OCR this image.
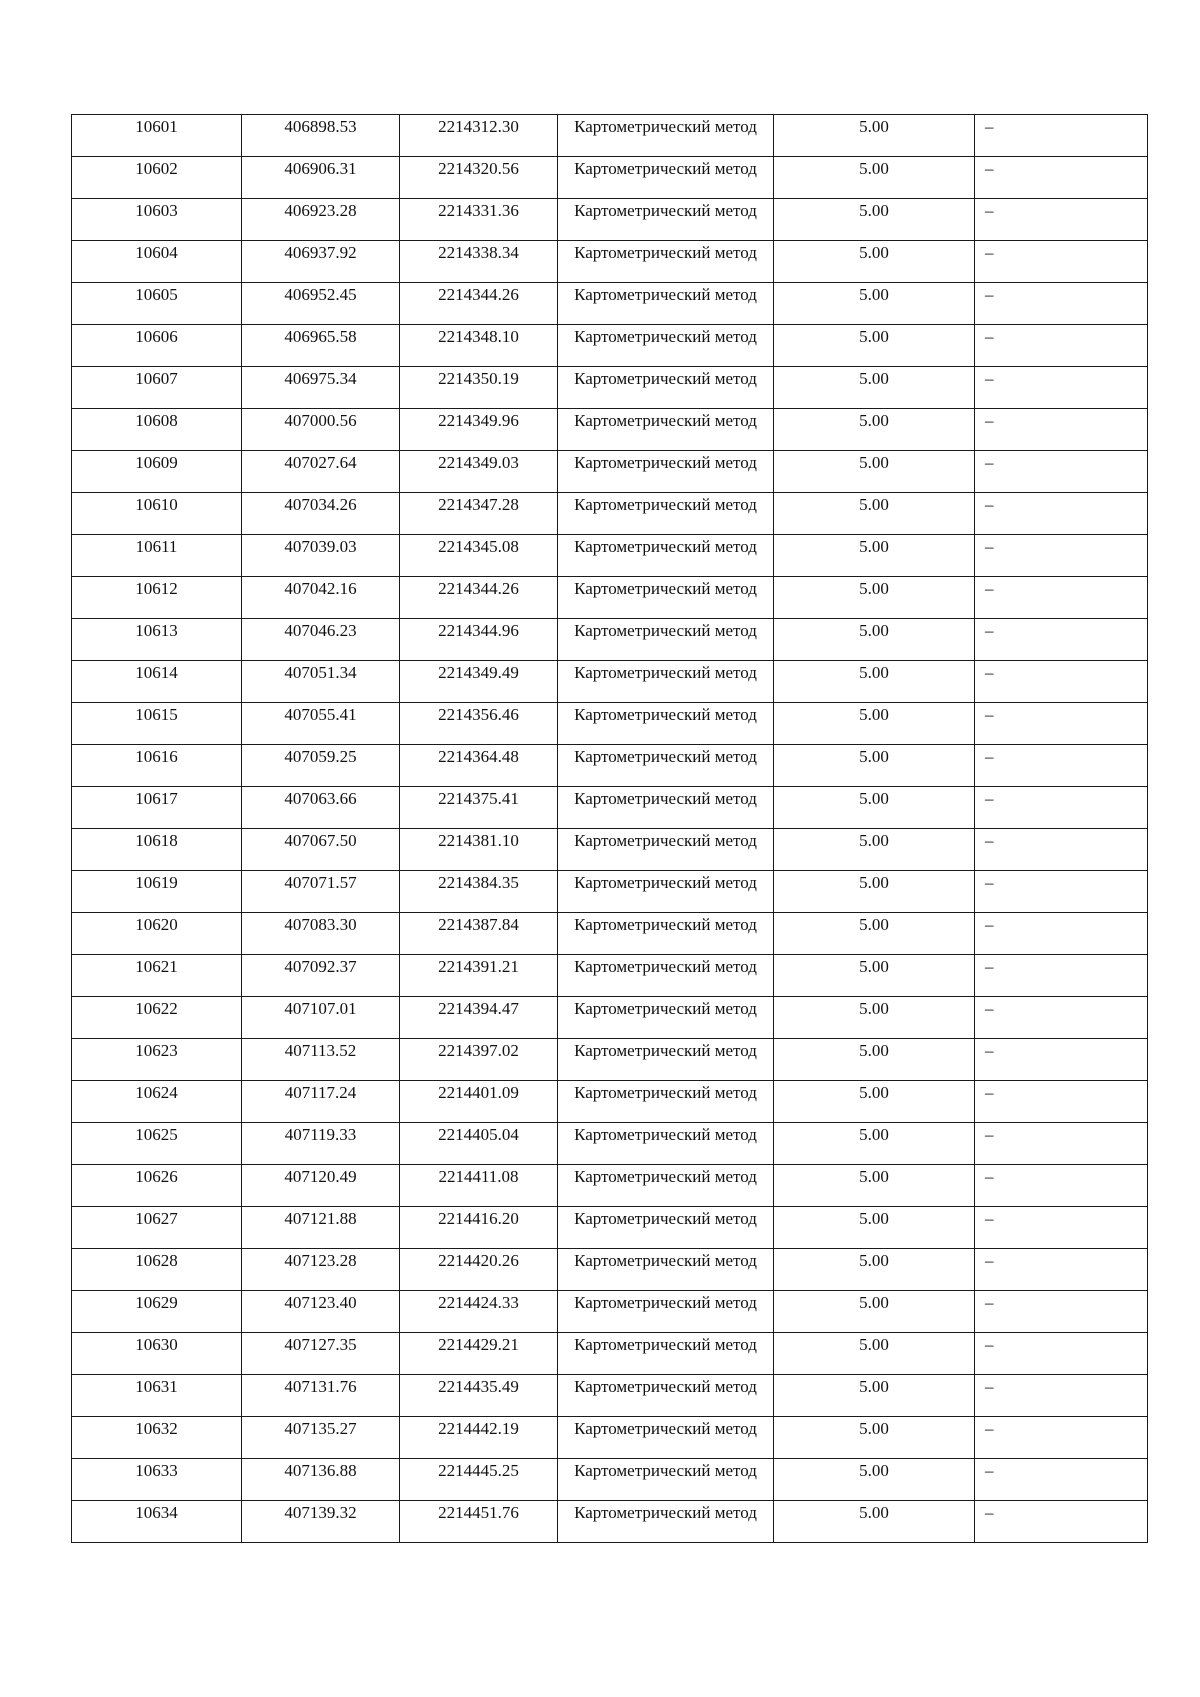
10601	406898.53	2214312.30	Картометрический метод	5.00	–

10602	406906.31	2214320.56	Картометрический метод	5.00	–

10603	406923.28	2214331.36	Картометрический метод	5.00	–

10604	406937.92	2214338.34	Картометрический метод	5.00	–

10605	406952.45	2214344.26	Картометрический метод	5.00	–

10606	406965.58	2214348.10	Картометрический метод	5.00	–

10607	406975.34	2214350.19	Картометрический метод	5.00	–

10608	407000.56	2214349.96	Картометрический метод	5.00	–

10609	407027.64	2214349.03	Картометрический метод	5.00	–

10610	407034.26	2214347.28	Картометрический метод	5.00	–

10611	407039.03	2214345.08	Картометрический метод	5.00	–

10612	407042.16	2214344.26	Картометрический метод	5.00	–

10613	407046.23	2214344.96	Картометрический метод	5.00	–

10614	407051.34	2214349.49	Картометрический метод	5.00	–

10615	407055.41	2214356.46	Картометрический метод	5.00	–

10616	407059.25	2214364.48	Картометрический метод	5.00	–

10617	407063.66	2214375.41	Картометрический метод	5.00	–

10618	407067.50	2214381.10	Картометрический метод	5.00	–

10619	407071.57	2214384.35	Картометрический метод	5.00	–

10620	407083.30	2214387.84	Картометрический метод	5.00	–

10621	407092.37	2214391.21	Картометрический метод	5.00	–

10622	407107.01	2214394.47	Картометрический метод	5.00	–

10623	407113.52	2214397.02	Картометрический метод	5.00	–

10624	407117.24	2214401.09	Картометрический метод	5.00	–

10625	407119.33	2214405.04	Картометрический метод	5.00	–

10626	407120.49	2214411.08	Картометрический метод	5.00	–

10627	407121.88	2214416.20	Картометрический метод	5.00	–

10628	407123.28	2214420.26	Картометрический метод	5.00	–

10629	407123.40	2214424.33	Картометрический метод	5.00	–

10630	407127.35	2214429.21	Картометрический метод	5.00	–

10631	407131.76	2214435.49	Картометрический метод	5.00	–

10632	407135.27	2214442.19	Картометрический метод	5.00	–

10633	407136.88	2214445.25	Картометрический метод	5.00	–

10634	407139.32	2214451.76	Картометрический метод	5.00	–
